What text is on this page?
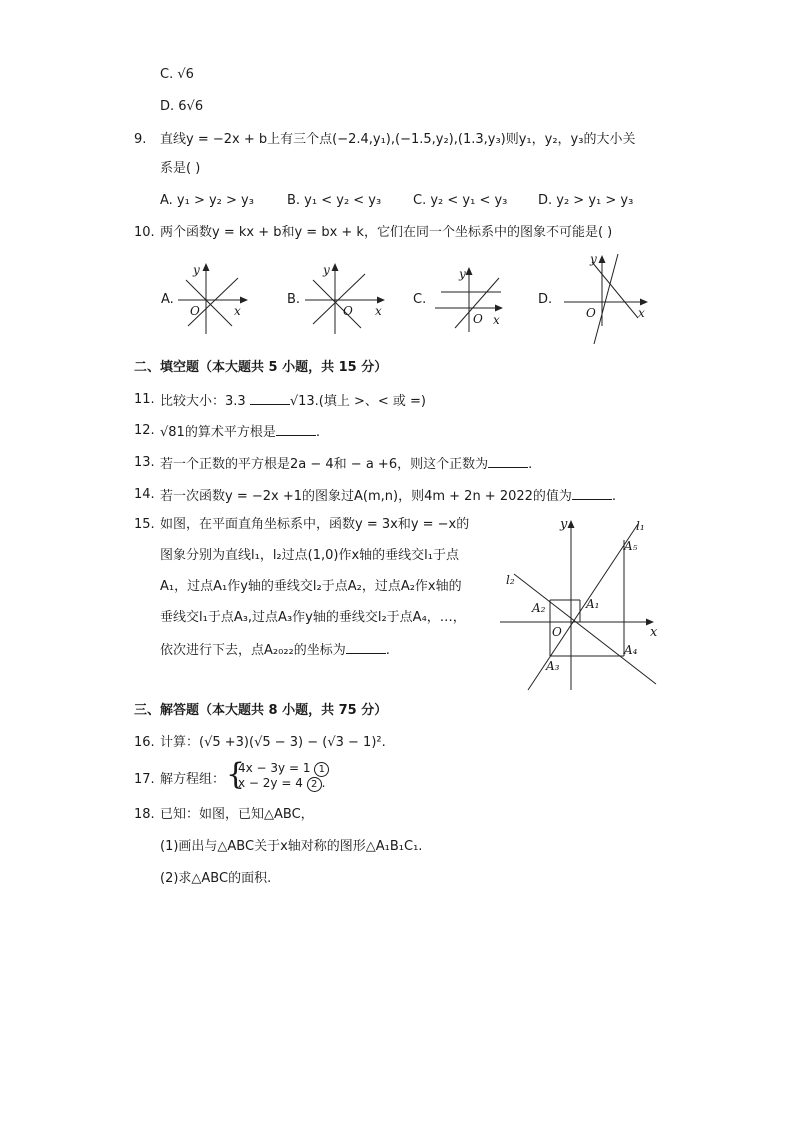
C. √6
D. 6√6
9. 直线y = −2x + b上有三个点(−2.4,y₁),(−1.5,y₂),(1.3,y₃)则y₁，y₂，y₃的大小关
系是( )
A. y₁ > y₂ > y₃	B. y₁ < y₂ < y₃ C. y₂ < y₁ < y₃ D. y₂ > y₁ > y₃
10. 两个函数y = kx + b和y = bx + k，它们在同一个坐标系中的图象不可能是( )
A.
y
O	x
B.
y
O x
C.
y
O x
D.
y
O	x
二、填空题（本大题共 5 小题，共 15 分）
11. 比较大小：3.3	√13.(填上 >、< 或 =)
12. √81的算术平方根是	.
13. 若一个正数的平方根是2a − 4和 − a +6，则这个正数为	.
14. 若一次函数y = −2x +1的图象过A(m,n)，则4m + 2n + 2022的值为	.
15. 如图，在平面直角坐标系中，函数y = 3x和y = −x的
图象分别为直线l₁，l₂过点(1,0)作x轴的垂线交l₁于点
A₁，过点A₁作y轴的垂线交l₂于点A₂，过点A₂作x轴的
垂线交l₁于点A₃,过点A₃作y轴的垂线交l₂于点A₄，…，
依次进行下去，点A₂₀₂₂的坐标为	.
y
x
O
l₁
l₂
A₁
A₂
A₃
A₄
A₅
三、解答题（本大题共 8 小题，共 75 分）
16. 计算：(√5 +3)(√5 − 3) − (√3 − 1)².
17. 解方程组： {
4x − 3y = 1 1
x − 2y = 4 2 .
18. 已知：如图，已知△ABC，
(1)画出与△ABC关于x轴对称的图形△A₁B₁C₁.
(2)求△ABC的面积.
